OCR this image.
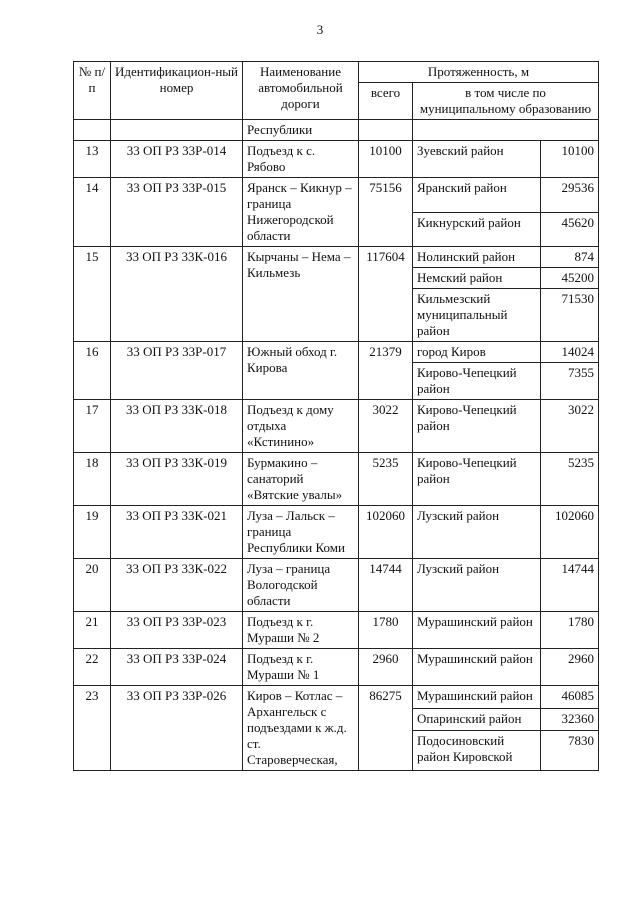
3
№ п/п	Идентификацион-ный номер	Наименование автомобильной дороги	Протяженность, м		
			всего	в том числе по муниципальному образованию	
		Республики			
13	33 ОП РЗ 33Р-014	Подъезд к с. Рябово	10100	Зуевский район	10100
14	33 ОП РЗ 33Р-015	Яранск – Кикнур – граница Нижегородской области	75156	Яранский район	29536
				Кикнурский район	45620
15	33 ОП РЗ 33К-016	Кырчаны – Нема – Кильмезь	117604	Нолинский район	874
				Немский район	45200
				Кильмезский муниципальный район	71530
16	33 ОП РЗ 33Р-017	Южный обход г. Кирова	21379	город Киров	14024
				Кирово-Чепецкий район	7355
17	33 ОП РЗ 33К-018	Подъезд к дому отдыха «Кстинино»	3022	Кирово-Чепецкий район	3022
18	33 ОП РЗ 33К-019	Бурмакино – санаторий «Вятские увалы»	5235	Кирово-Чепецкий район	5235
19	33 ОП РЗ 33К-021	Луза – Лальск – граница Республики Коми	102060	Лузский район	102060
20	33 ОП РЗ 33К-022	Луза – граница Вологодской области	14744	Лузский район	14744
21	33 ОП РЗ 33Р-023	Подъезд к г. Мураши № 2	1780	Мурашинский район	1780
22	33 ОП РЗ 33Р-024	Подъезд к г. Мураши № 1	2960	Мурашинский район	2960
23	33 ОП РЗ 33Р-026	Киров – Котлас – Архангельск с подъездами к ж.д. ст. Староверческая,	86275	Мурашинский район	46085
				Опаринский район	32360
				Подосиновский район Кировской	7830
